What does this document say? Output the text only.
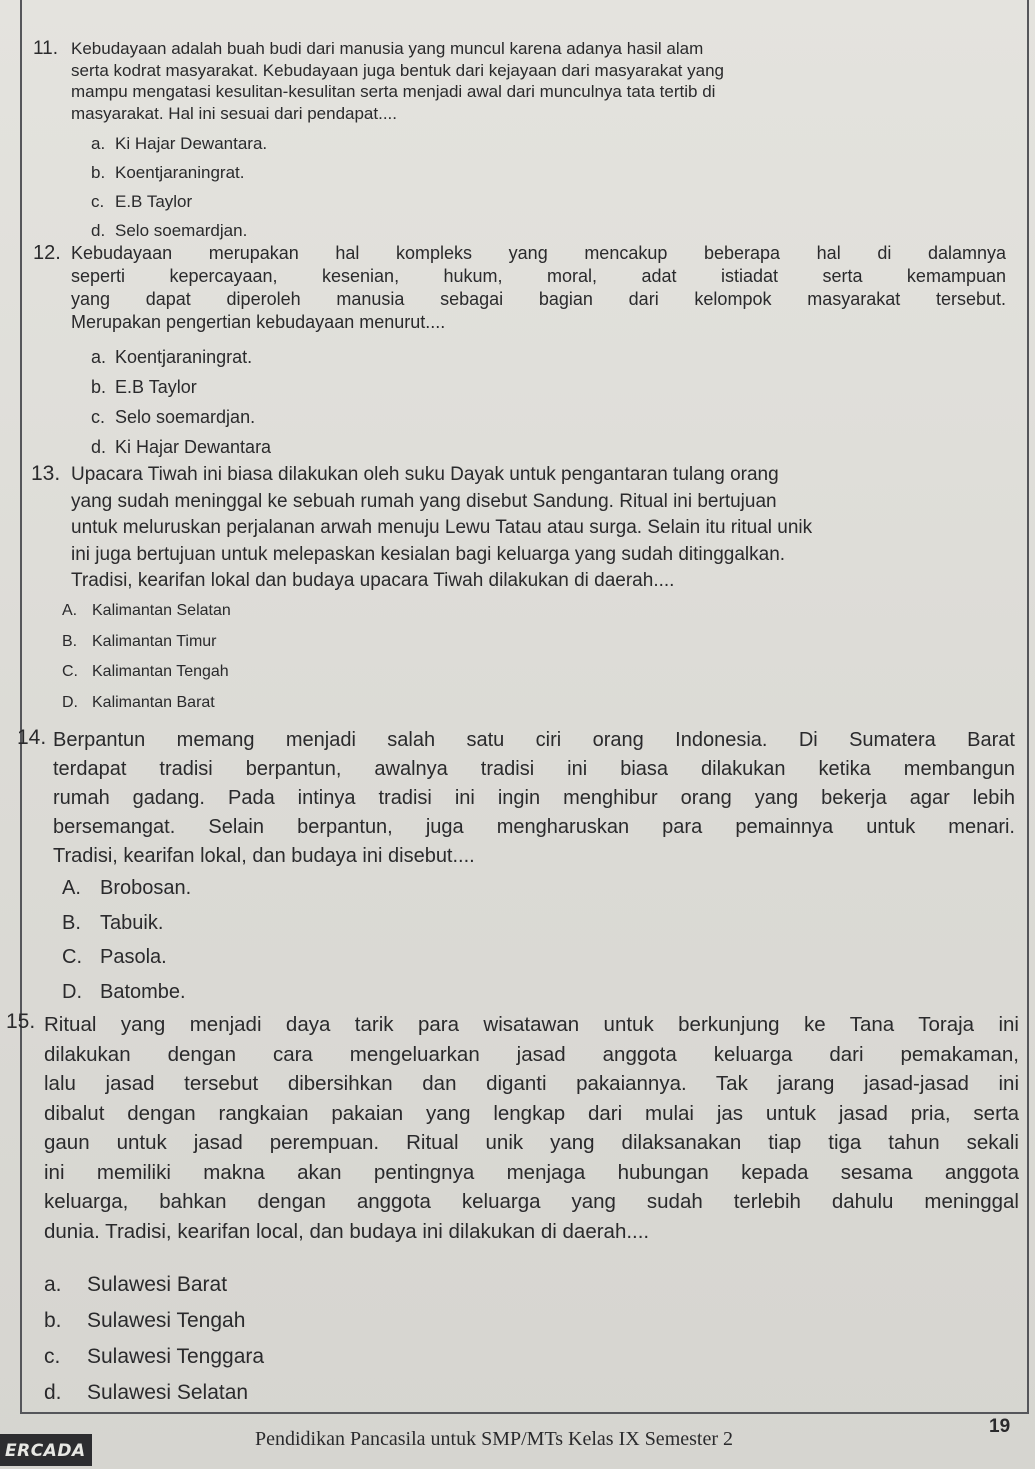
11. Kebudayaan adalah buah budi dari manusia yang muncul karena adanya hasil alam
serta kodrat masyarakat. Kebudayaan juga bentuk dari kejayaan dari masyarakat yang
mampu mengatasi kesulitan-kesulitan serta menjadi awal dari munculnya tata tertib di
masyarakat. Hal ini sesuai dari pendapat....

a. Ki Hajar Dewantara.
b. Koentjaraningrat.
c. E.B Taylor
d. Selo soemardjan.
12. Kebudayaan merupakan hal kompleks yang mencakup beberapa hal di dalamnya
seperti kepercayaan, kesenian, hukum, moral, adat istiadat serta kemampuan
yang dapat diperoleh manusia sebagai bagian dari kelompok masyarakat tersebut.
Merupakan pengertian kebudayaan menurut....

a. Koentjaraningrat.
b. E.B Taylor
c. Selo soemardjan.
d. Ki Hajar Dewantara
13. Upacara Tiwah ini biasa dilakukan oleh suku Dayak untuk pengantaran tulang orang
yang sudah meninggal ke sebuah rumah yang disebut Sandung. Ritual ini bertujuan
untuk meluruskan perjalanan arwah menuju Lewu Tatau atau surga. Selain itu ritual unik
ini juga bertujuan untuk melepaskan kesialan bagi keluarga yang sudah ditinggalkan.
Tradisi, kearifan lokal dan budaya upacara Tiwah dilakukan di daerah....

A. Kalimantan Selatan
B. Kalimantan Timur
C. Kalimantan Tengah
D. Kalimantan Barat
14. Berpantun memang menjadi salah satu ciri orang Indonesia. Di Sumatera Barat
terdapat tradisi berpantun, awalnya tradisi ini biasa dilakukan ketika membangun
rumah gadang. Pada intinya tradisi ini ingin menghibur orang yang bekerja agar lebih
bersemangat. Selain berpantun, juga mengharuskan para pemainnya untuk menari.
Tradisi, kearifan lokal, dan budaya ini disebut....

A. Brobosan.
B. Tabuik.
C. Pasola.
D. Batombe.
15. Ritual yang menjadi daya tarik para wisatawan untuk berkunjung ke Tana Toraja ini
dilakukan dengan cara mengeluarkan jasad anggota keluarga dari pemakaman,
lalu jasad tersebut dibersihkan dan diganti pakaiannya. Tak jarang jasad-jasad ini
dibalut dengan rangkaian pakaian yang lengkap dari mulai jas untuk jasad pria, serta
gaun untuk jasad perempuan. Ritual unik yang dilaksanakan tiap tiga tahun sekali
ini memiliki makna akan pentingnya menjaga hubungan kepada sesama anggota
keluarga, bahkan dengan anggota keluarga yang sudah terlebih dahulu meninggal
dunia. Tradisi, kearifan local, dan budaya ini dilakukan di daerah....

a. Sulawesi Barat
b. Sulawesi Tengah
c. Sulawesi Tenggara
d. Sulawesi Selatan
ERCADA
Pendidikan Pancasila untuk SMP/MTs Kelas IX Semester 2
19
